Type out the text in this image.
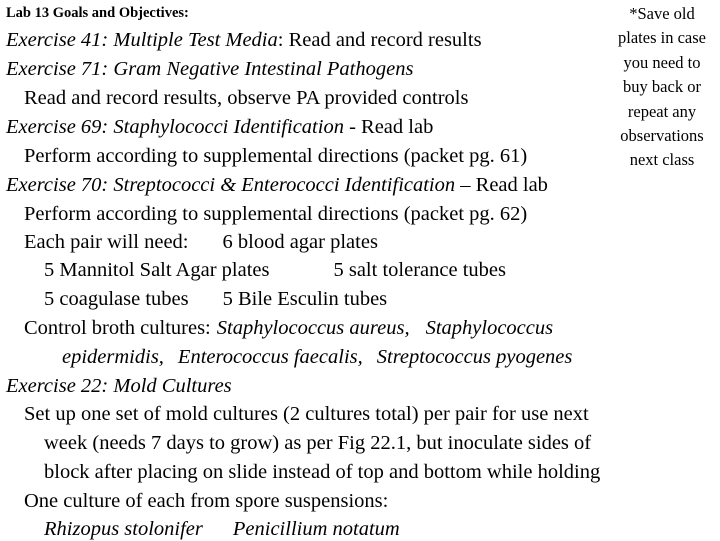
Lab 13 Goals and Objectives:	*Save old
plates in case
you need to
buy back or
repeat any
observations
next class
Exercise 41: Multiple Test Media: Read and record results
Exercise 71: Gram Negative Intestinal Pathogens
Read and record results, observe PA provided controls
Exercise 69: Staphylococci Identification - Read lab
Perform according to supplemental directions (packet pg. 61)
Exercise 70: Streptococci & Enterococci Identification – Read lab
Perform according to supplemental directions (packet pg. 62)
Each pair will need: 6 blood agar plates
5 Mannitol Salt Agar plates	5 salt tolerance tubes
5 coagulase tubes 5 Bile Esculin tubes
Control broth cultures: Staphylococcus aureus, Staphylococcus
epidermidis, Enterococcus faecalis, Streptococcus pyogenes
Exercise 22: Mold Cultures
Set up one set of mold cultures (2 cultures total) per pair for use next
week (needs 7 days to grow) as per Fig 22.1, but inoculate sides of
block after placing on slide instead of top and bottom while holding
One culture of each from spore suspensions:
Rhizopus stolonifer Penicillium notatum
